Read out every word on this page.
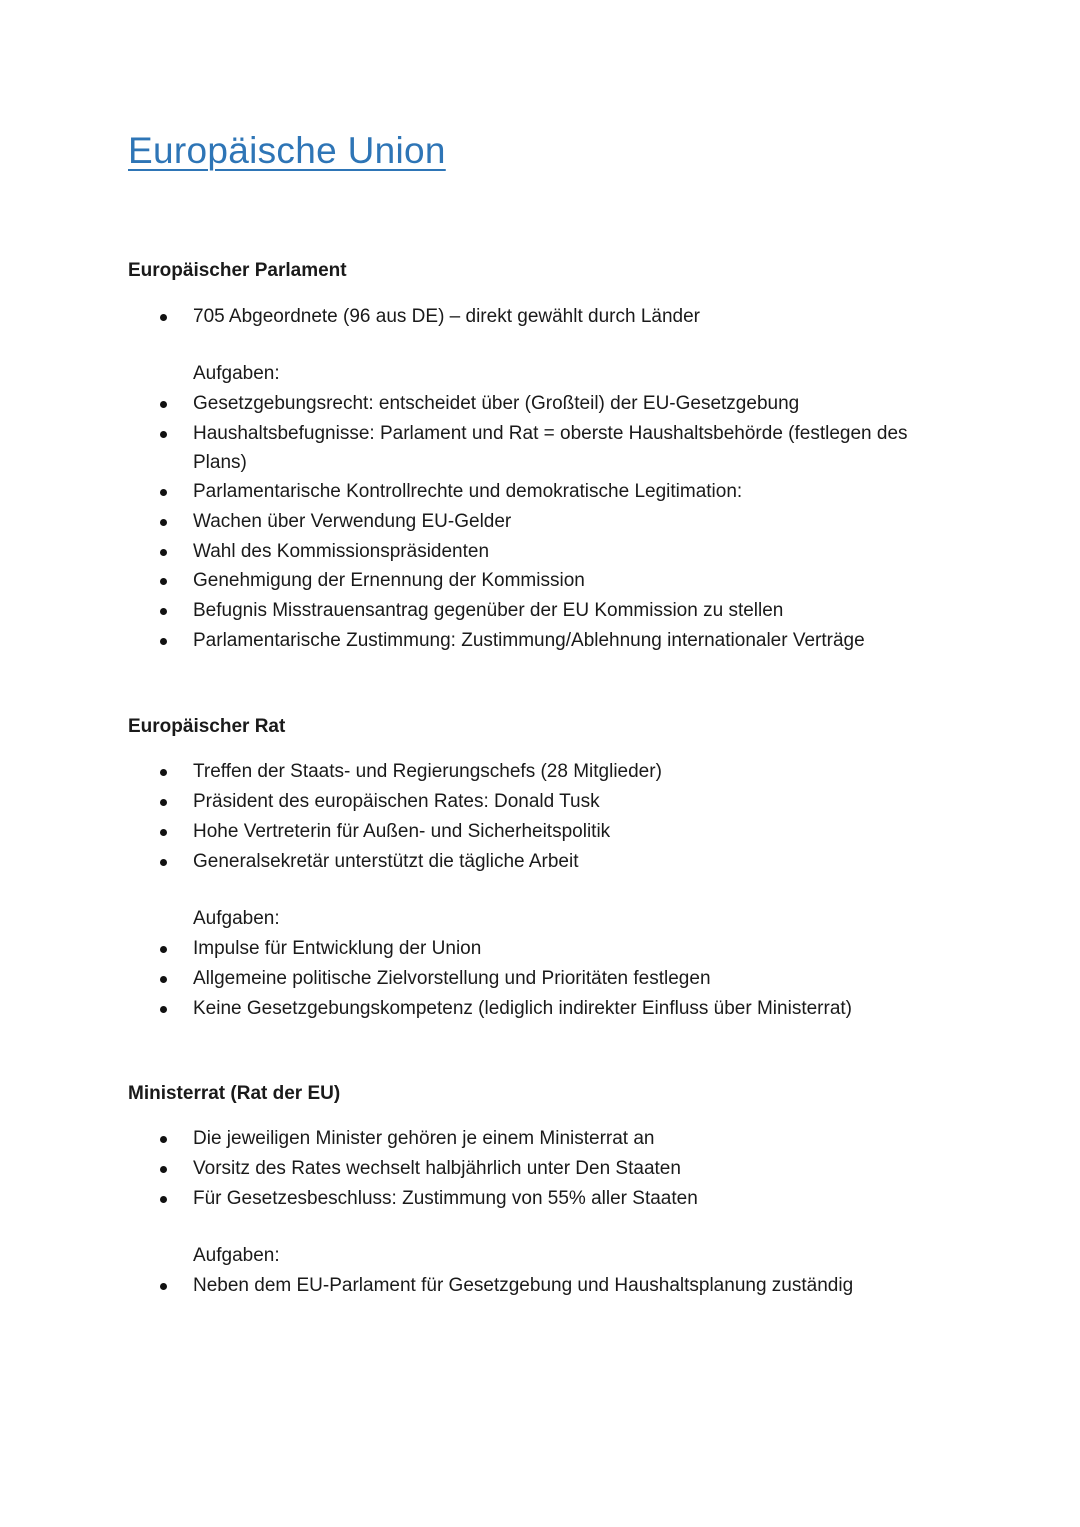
Europäische Union
Europäischer Parlament
705 Abgeordnete (96 aus DE) – direkt gewählt durch Länder
Aufgaben:
Gesetzgebungsrecht: entscheidet über (Großteil) der EU-Gesetzgebung
Haushaltsbefugnisse: Parlament und Rat = oberste Haushaltsbehörde (festlegen des
Plans)
Parlamentarische Kontrollrechte und demokratische Legitimation:
Wachen über Verwendung EU-Gelder
Wahl des Kommissionspräsidenten
Genehmigung der Ernennung der Kommission
Befugnis Misstrauensantrag gegenüber der EU Kommission zu stellen
Parlamentarische Zustimmung: Zustimmung/Ablehnung internationaler Verträge
Europäischer Rat
Treffen der Staats- und Regierungschefs (28 Mitglieder)
Präsident des europäischen Rates: Donald Tusk
Hohe Vertreterin für Außen- und Sicherheitspolitik
Generalsekretär unterstützt die tägliche Arbeit
Aufgaben:
Impulse für Entwicklung der Union
Allgemeine politische Zielvorstellung und Prioritäten festlegen
Keine Gesetzgebungskompetenz (lediglich indirekter Einfluss über Ministerrat)
Ministerrat (Rat der EU)
Die jeweiligen Minister gehören je einem Ministerrat an
Vorsitz des Rates wechselt halbjährlich unter Den Staaten
Für Gesetzesbeschluss: Zustimmung von 55% aller Staaten
Aufgaben:
Neben dem EU-Parlament für Gesetzgebung und Haushaltsplanung zuständig
